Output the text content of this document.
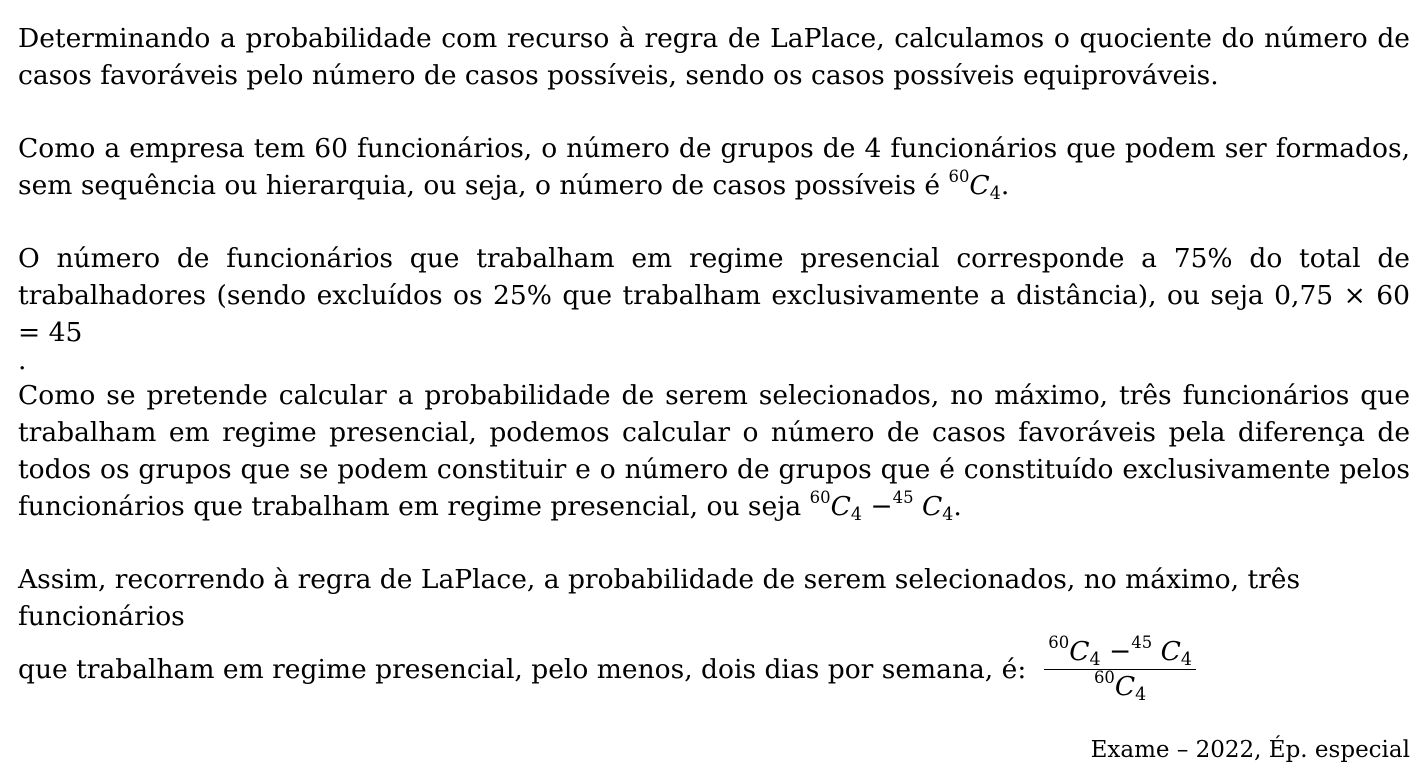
Determinando a probabilidade com recurso à regra de LaPlace, calculamos o quociente do número de casos favoráveis pelo número de casos possíveis, sendo os casos possíveis equiprováveis.

Como a empresa tem 60 funcionários, o número de grupos de 4 funcionários que podem ser formados, sem sequência ou hierarquia, ou seja, o número de casos possíveis é $^{60}C_4$.

O número de funcionários que trabalham em regime presencial corresponde a 75% do total de trabalhadores (sendo excluídos os 25% que trabalham exclusivamente a distância), ou seja 0,75 × 60 = 45

.

Como se pretende calcular a probabilidade de serem selecionados, no máximo, três funcionários que trabalham em regime presencial, podemos calcular o número de casos favoráveis pela diferença de todos os grupos que se podem constituir e o número de grupos que é constituído exclusivamente pelos funcionários que trabalham em regime presencial, ou seja $^{60}C_4 -^{45}$ $C_4$.

Assim, recorrendo à regra de LaPlace, a probabilidade de serem selecionados, no máximo, três funcionários

que trabalham em regime presencial, pelo menos, dois dias por semana, é: $\frac{^{60}C_4 -^{45} C_4}{^{60}C_4}$
Exame – 2022, Ép. especial
